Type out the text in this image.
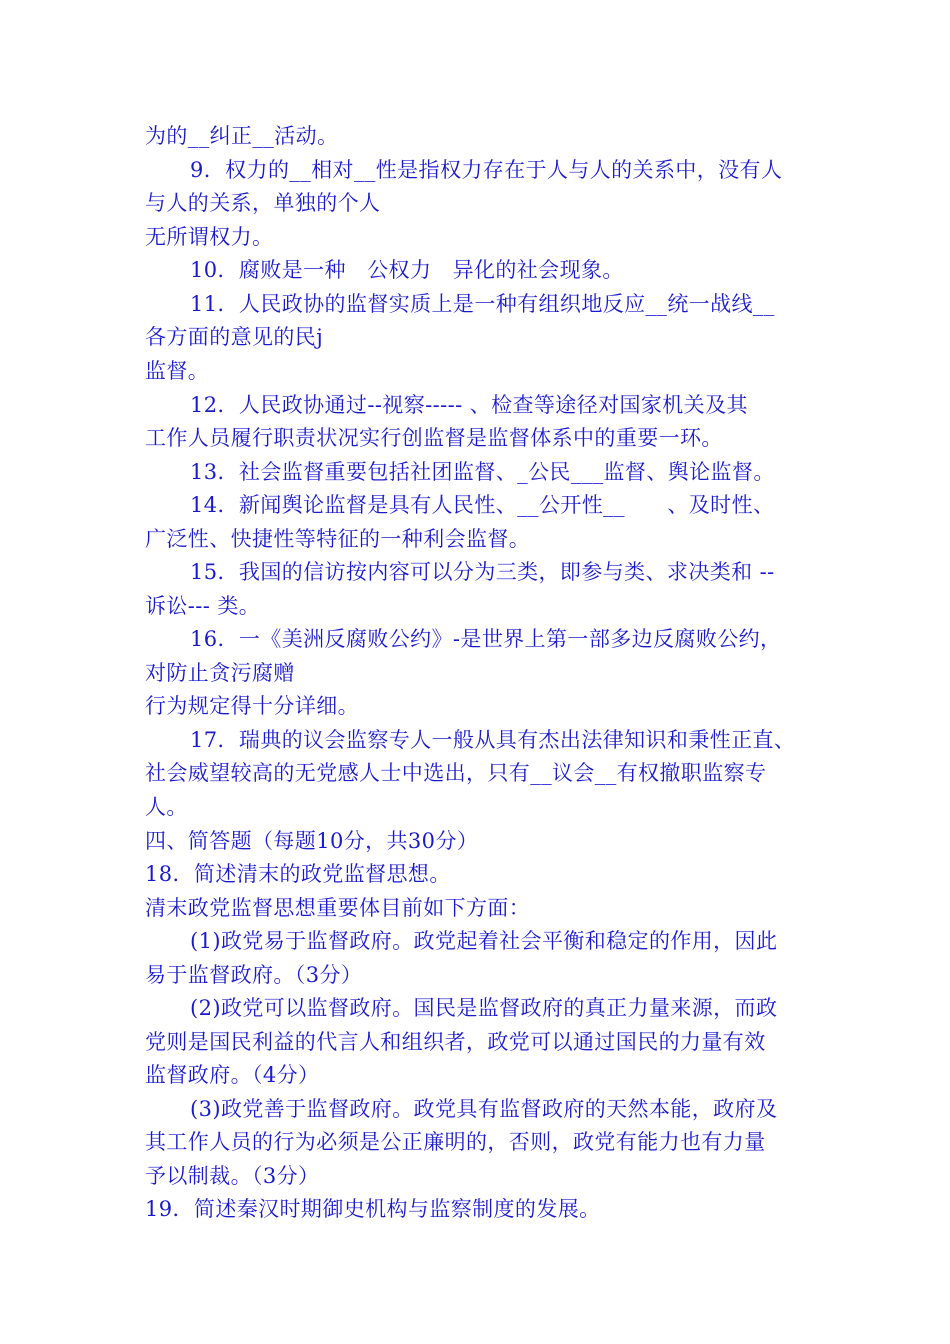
为的__纠正__活动。

9．权力的__相对__性是指权力存在于人与人的关系中，没有人

与人的关系，单独的个人

无所谓权力。

10．腐败是一种   公权力   异化的社会现象。

11．人民政协的监督实质上是一种有组织地反应__统一战线__

各方面的意见的民j

监督。

12．人民政协通过--视察----- 、检查等途径对国家机关及其

工作人员履行职责状况实行创监督是监督体系中的重要一环。

13．社会监督重要包括社团监督、_公民___监督、舆论监督。

14．新闻舆论监督是具有人民性、__公开性__      、及时性、

广泛性、快捷性等特征的一种利会监督。

15．我国的信访按内容可以分为三类，即参与类、求决类和 --

诉讼--- 类。

16．一《美洲反腐败公约》-是世界上第一部多边反腐败公约，

对防止贪污腐赠

行为规定得十分详细。

17．瑞典的议会监察专人一般从具有杰出法律知识和秉性正直、

社会威望较高的无党感人士中选出，只有__议会__有权撤职监察专

人。

四、简答题（每题10分，共30分）

18．简述清末的政党监督思想。

清末政党监督思想重要体目前如下方面：

(1)政党易于监督政府。政党起着社会平衡和稳定的作用，因此

易于监督政府。（3分）

(2)政党可以监督政府。国民是监督政府的真正力量来源，而政

党则是国民利益的代言人和组织者，政党可以通过国民的力量有效

监督政府。（4分）

(3)政党善于监督政府。政党具有监督政府的天然本能，政府及

其工作人员的行为必须是公正廉明的，否则，政党有能力也有力量

予以制裁。（3分）

19．简述秦汉时期御史机构与监察制度的发展。
